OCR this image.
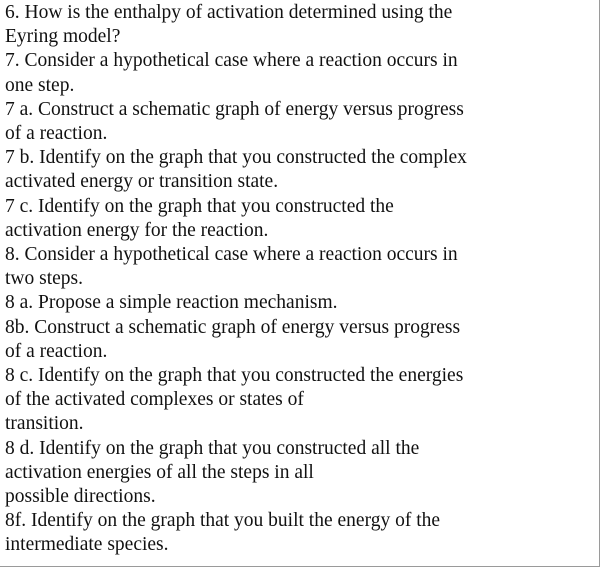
6. How is the enthalpy of activation determined using the
Eyring model?
7. Consider a hypothetical case where a reaction occurs in
one step.
7 a. Construct a schematic graph of energy versus progress
of a reaction.
7 b. Identify on the graph that you constructed the complex
activated energy or transition state.
7 c. Identify on the graph that you constructed the
activation energy for the reaction.
8. Consider a hypothetical case where a reaction occurs in
two steps.
8 a. Propose a simple reaction mechanism.
8b. Construct a schematic graph of energy versus progress
of a reaction.
8 c. Identify on the graph that you constructed the energies
of the activated complexes or states of
transition.
8 d. Identify on the graph that you constructed all the
activation energies of all the steps in all
possible directions.
8f. Identify on the graph that you built the energy of the
intermediate species.
